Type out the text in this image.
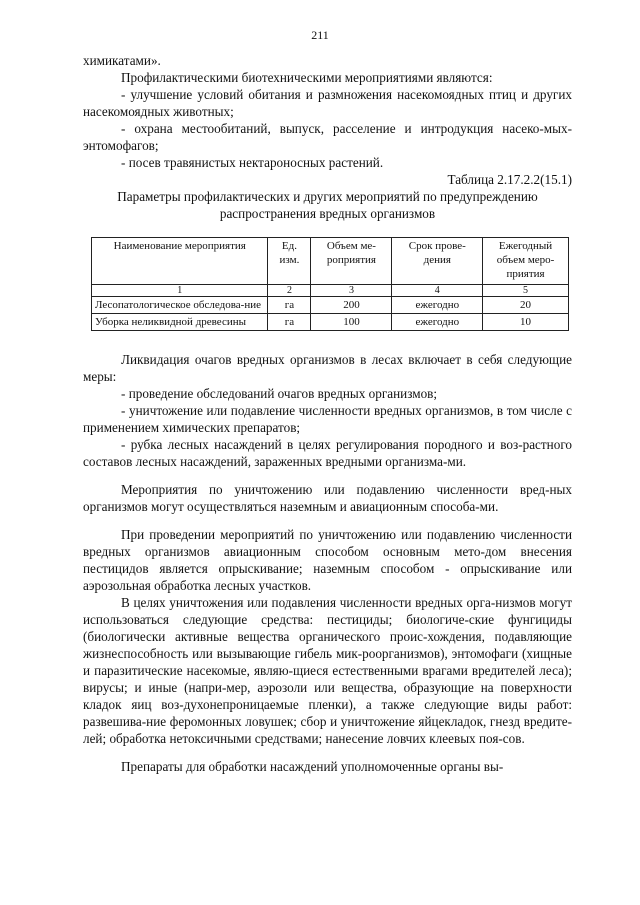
211

химикатами».

Профилактическими биотехническими мероприятиями являются:

- улучшение условий обитания и размножения насекомоядных птиц и других насекомоядных животных;

- охрана местообитаний, выпуск, расселение и интродукция насеко-мых-энтомофагов;

- посев травянистых нектароносных растений.

Таблица 2.17.2.2(15.1)

Параметры профилактических и других мероприятий по предупреждению распространения вредных организмов

Наименование мероприятия	Ед. изм.	Объем ме-роприятия	Срок прове-дения	Ежегодный объем меро-приятия
1	2	3	4	5
Лесопатологическое обследова-ние	га	200	ежегодно	20
Уборка неликвидной древесины	га	100	ежегодно	10

Ликвидация очагов вредных организмов в лесах включает в себя следующие меры:

- проведение обследований очагов вредных организмов;

- уничтожение или подавление численности вредных организмов, в том числе с применением химических препаратов;

- рубка лесных насаждений в целях регулирования породного и воз-растного составов лесных насаждений, зараженных вредными организма-ми.

Мероприятия по уничтожению или подавлению численности вред-ных организмов могут осуществляться наземным и авиационным способа-ми.

При проведении мероприятий по уничтожению или подавлению численности вредных организмов авиационным способом основным мето-дом внесения пестицидов является опрыскивание; наземным способом - опрыскивание или аэрозольная обработка лесных участков.

В целях уничтожения или подавления численности вредных орга-низмов могут использоваться следующие средства: пестициды; биологиче-ские фунгициды (биологически активные вещества органического проис-хождения, подавляющие жизнеспособность или вызывающие гибель мик-роорганизмов), энтомофаги (хищные и паразитические насекомые, являю-щиеся естественными врагами вредителей леса); вирусы; и иные (напри-мер, аэрозоли или вещества, образующие на поверхности кладок яиц воз-духонепроницаемые пленки), а также следующие виды работ: развешива-ние феромонных ловушек; сбор и уничтожение яйцекладок, гнезд вредите-лей; обработка нетоксичными средствами; нанесение ловчих клеевых поя-сов.

Препараты для обработки насаждений уполномоченные органы вы-
